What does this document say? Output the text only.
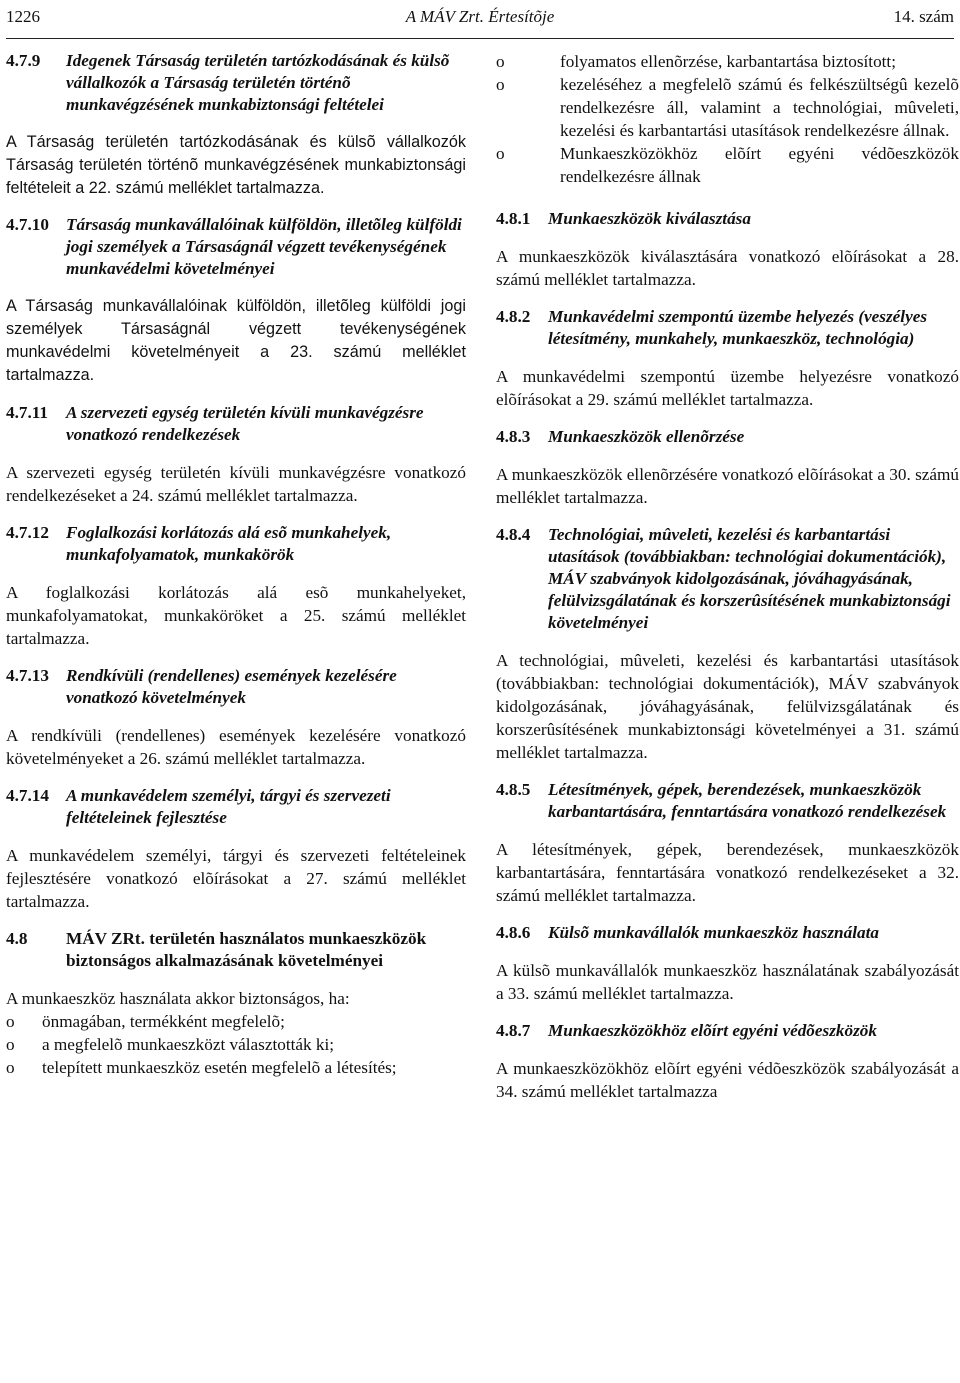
1226	A MÁV Zrt. Értesítõje	14. szám
4.7.9	Idegenek Társaság területén tartózkodásának és külsõ vállalkozók a Társaság területén történõ munkavégzésének munkabiztonsági feltételei

A Társaság területén tartózkodásának és külsõ vállalkozók Társaság területén történõ munkavégzésének munkabiztonsági feltételeit a 22. számú melléklet tartalmazza.

4.7.10 Társaság munkavállalóinak külföldön, illetõleg külföldi jogi személyek a Társaságnál végzett tevékenységének munkavédelmi követelményei

A Társaság munkavállalóinak külföldön, illetõleg külföldi jogi személyek Társaságnál végzett tevékenységének munkavédelmi követelményeit a 23. számú melléklet tartalmazza.

4.7.11	A szervezeti egység területén kívüli munkavégzésre vonatkozó rendelkezések

A szervezeti egység területén kívüli munkavégzésre vonatkozó rendelkezéseket a 24. számú melléklet tartalmazza.

4.7.12 Foglalkozási korlátozás alá esõ munkahelyek, munkafolyamatok, munkakörök

A foglalkozási korlátozás alá esõ munkahelyeket, munkafolyamatokat, munkaköröket a 25. számú melléklet tartalmazza.

4.7.13 Rendkívüli (rendellenes) események kezelésére vonatkozó követelmények

A rendkívüli (rendellenes) események kezelésére vonatkozó követelményeket a 26. számú melléklet tartalmazza.

4.7.14 A munkavédelem személyi, tárgyi és szervezeti feltételeinek fejlesztése

A munkavédelem személyi, tárgyi és szervezeti feltételeinek fejlesztésére vonatkozó elõírásokat a 27. számú melléklet tartalmazza.

4.8	MÁV ZRt. területén használatos munkaeszközök biztonságos alkalmazásának követelményei

A munkaeszköz használata akkor biztonságos, ha:

o	önmagában, termékként megfelelõ;
o	a megfelelõ munkaeszközt választották ki;
o	telepített munkaeszköz esetén megfelelõ a létesítés;
o	folyamatos ellenõrzése, karbantartása biztosított;
o	kezeléséhez a megfelelõ számú és felkészültségû kezelõ rendelkezésre áll, valamint a technológiai, mûveleti, kezelési és karbantartási utasítások rendelkezésre állnak.
o	Munkaeszközökhöz elõírt egyéni védõeszközök rendelkezésre állnak
4.8.1	Munkaeszközök kiválasztása

A munkaeszközök kiválasztására vonatkozó elõírásokat a 28. számú melléklet tartalmazza.

4.8.2	Munkavédelmi szempontú üzembe helyezés (veszélyes létesítmény, munkahely, munkaeszköz, technológia)

A munkavédelmi szempontú üzembe helyezésre vonatkozó elõírásokat a 29. számú melléklet tartalmazza.

4.8.3	Munkaeszközök ellenõrzése

A munkaeszközök ellenõrzésére vonatkozó elõírásokat a 30. számú melléklet tartalmazza.

4.8.4	Technológiai, mûveleti, kezelési és karbantartási utasítások (továbbiakban: technológiai dokumentációk), MÁV szabványok kidolgozásának, jóváhagyásának, felülvizsgálatának és korszerûsítésének munkabiztonsági követelményei

A technológiai, mûveleti, kezelési és karbantartási utasítások (továbbiakban: technológiai dokumentációk), MÁV szabványok kidolgozásának, jóváhagyásának, felülvizsgálatának és korszerûsítésének munkabiztonsági követelményei a 31. számú melléklet tartalmazza.

4.8.5	Létesítmények, gépek, berendezések, munkaeszközök karbantartására, fenntartására vonatkozó rendelkezések

A létesítmények, gépek, berendezések, munkaeszközök karbantartására, fenntartására vonatkozó rendelkezéseket a 32. számú melléklet tartalmazza.

4.8.6	Külsõ munkavállalók munkaeszköz használata

A külsõ munkavállalók munkaeszköz használatának szabályozását a 33. számú melléklet tartalmazza.

4.8.7	Munkaeszközökhöz elõírt egyéni védõeszközök

A munkaeszközökhöz elõírt egyéni védõeszközök szabályozását a 34. számú melléklet tartalmazza
